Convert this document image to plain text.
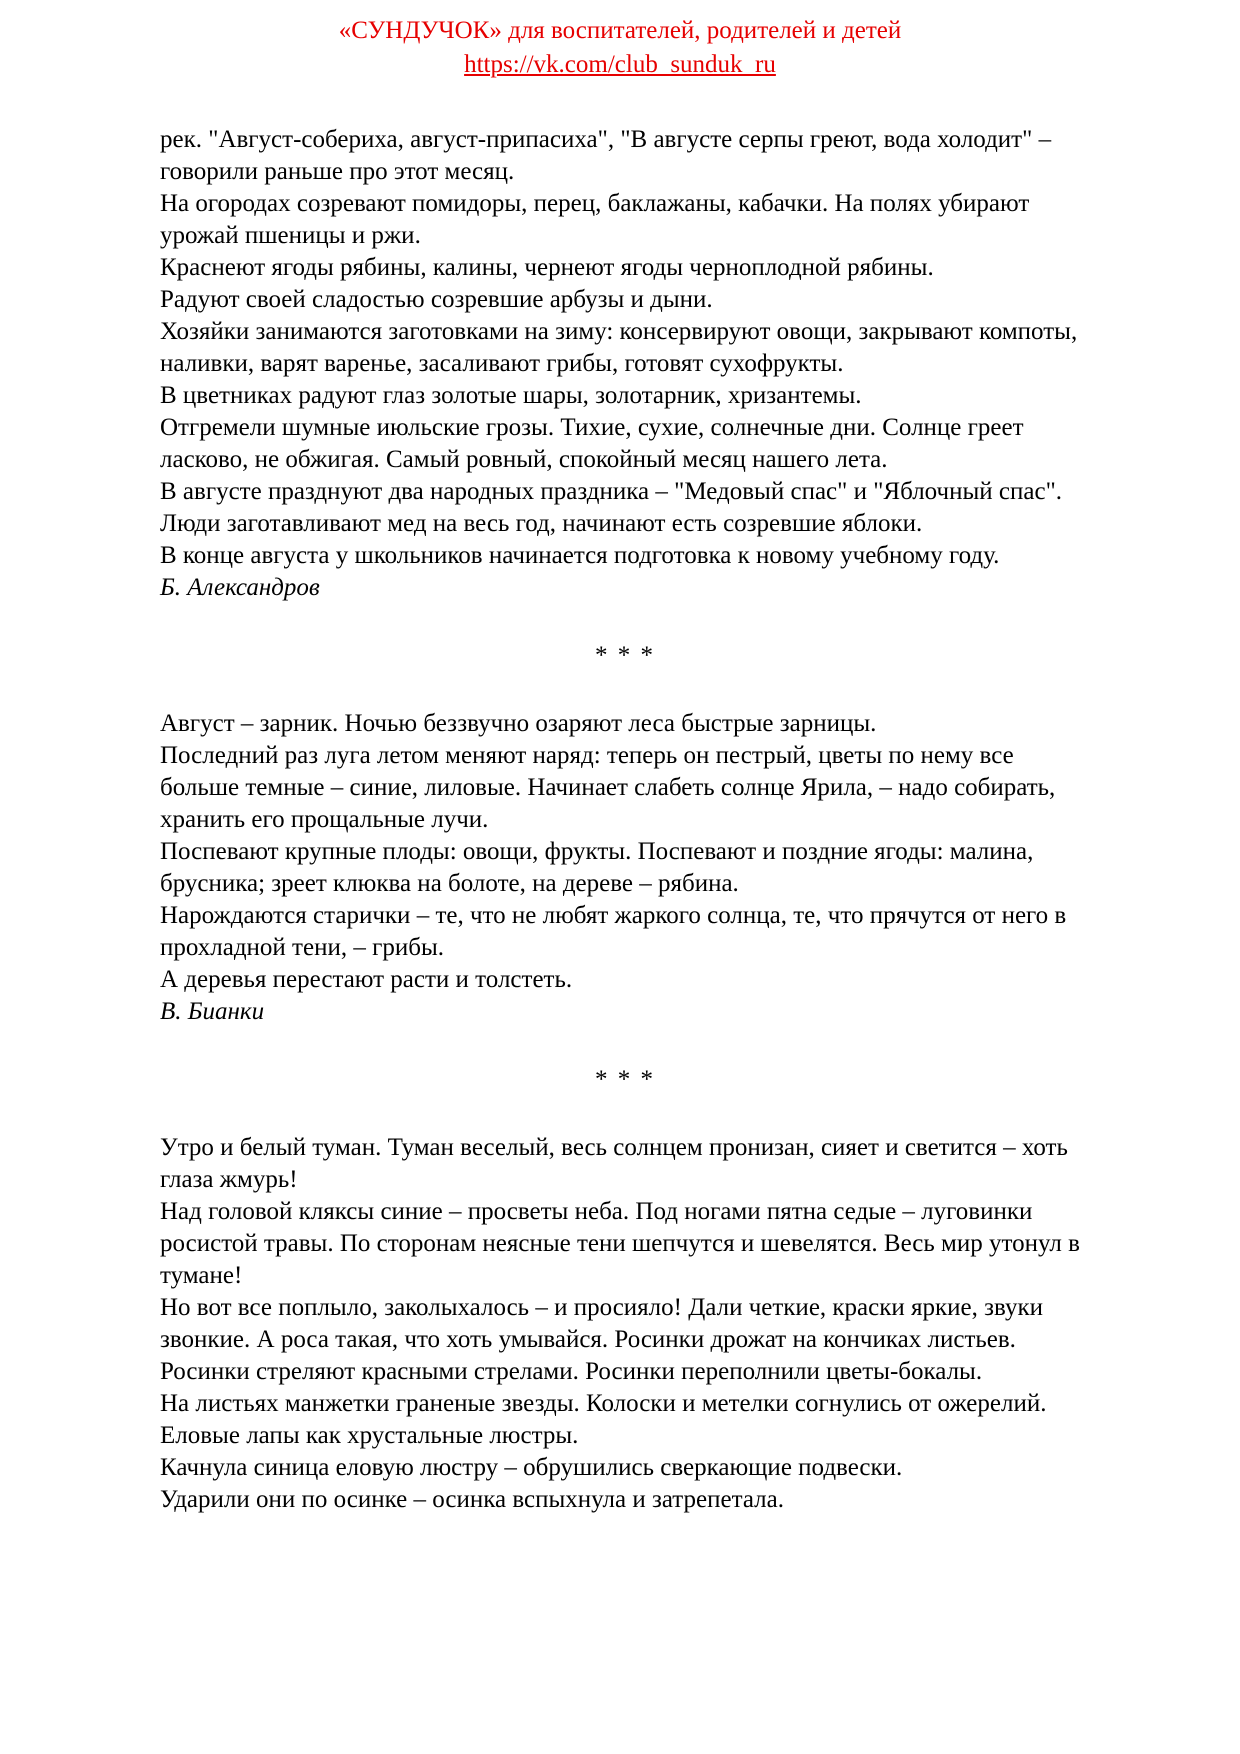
«СУНДУЧОК» для воспитателей, родителей и детей
https://vk.com/club_sunduk_ru

рек. "Август-собериха, август-припасиха", "В августе серпы греют, вода холодит" – говорили раньше про этот месяц.

На огородах созревают помидоры, перец, баклажаны, кабачки. На полях убирают урожай пшеницы и ржи.

Краснеют ягоды рябины, калины, чернеют ягоды черноплодной рябины.

Радуют своей сладостью созревшие арбузы и дыни.

Хозяйки занимаются заготовками на зиму: консервируют овощи, закрывают компоты, наливки, варят варенье, засаливают грибы, готовят сухофрукты.

В цветниках радуют глаз золотые шары, золотарник, хризантемы.

Отгремели шумные июльские грозы. Тихие, сухие, солнечные дни. Солнце греет ласково, не обжигая. Самый ровный, спокойный месяц нашего лета.

В августе празднуют два народных праздника – "Медовый спас" и "Яблочный спас". Люди заготавливают мед на весь год, начинают есть созревшие яблоки.

В конце августа у школьников начинается подготовка к новому учебному году.

Б. Александров

* * *

Август – зарник. Ночью беззвучно озаряют леса быстрые зарницы.

Последний раз луга летом меняют наряд: теперь он пестрый, цветы по нему все больше темные – синие, лиловые. Начинает слабеть солнце Ярила, – надо собирать, хранить его прощальные лучи.

Поспевают крупные плоды: овощи, фрукты. Поспевают и поздние ягоды: малина, брусника; зреет клюква на болоте, на дереве – рябина.

Нарождаются старички – те, что не любят жаркого солнца, те, что прячутся от него в прохладной тени, – грибы.

А деревья перестают расти и толстеть.

В. Бианки

* * *

Утро и белый туман. Туман веселый, весь солнцем пронизан, сияет и светится – хоть глаза жмурь!

Над головой кляксы синие – просветы неба. Под ногами пятна седые – луговинки росистой травы. По сторонам неясные тени шепчутся и шевелятся. Весь мир утонул в тумане!

Но вот все поплыло, заколыхалось – и просияло! Дали четкие, краски яркие, звуки звонкие. А роса такая, что хоть умывайся. Росинки дрожат на кончиках листьев. Росинки стреляют красными стрелами. Росинки переполнили цветы-бокалы.

На листьях манжетки граненые звезды. Колоски и метелки согнулись от ожерелий. Еловые лапы как хрустальные люстры.

Качнула синица еловую люстру – обрушились сверкающие подвески.

Ударили они по осинке – осинка вспыхнула и затрепетала.
